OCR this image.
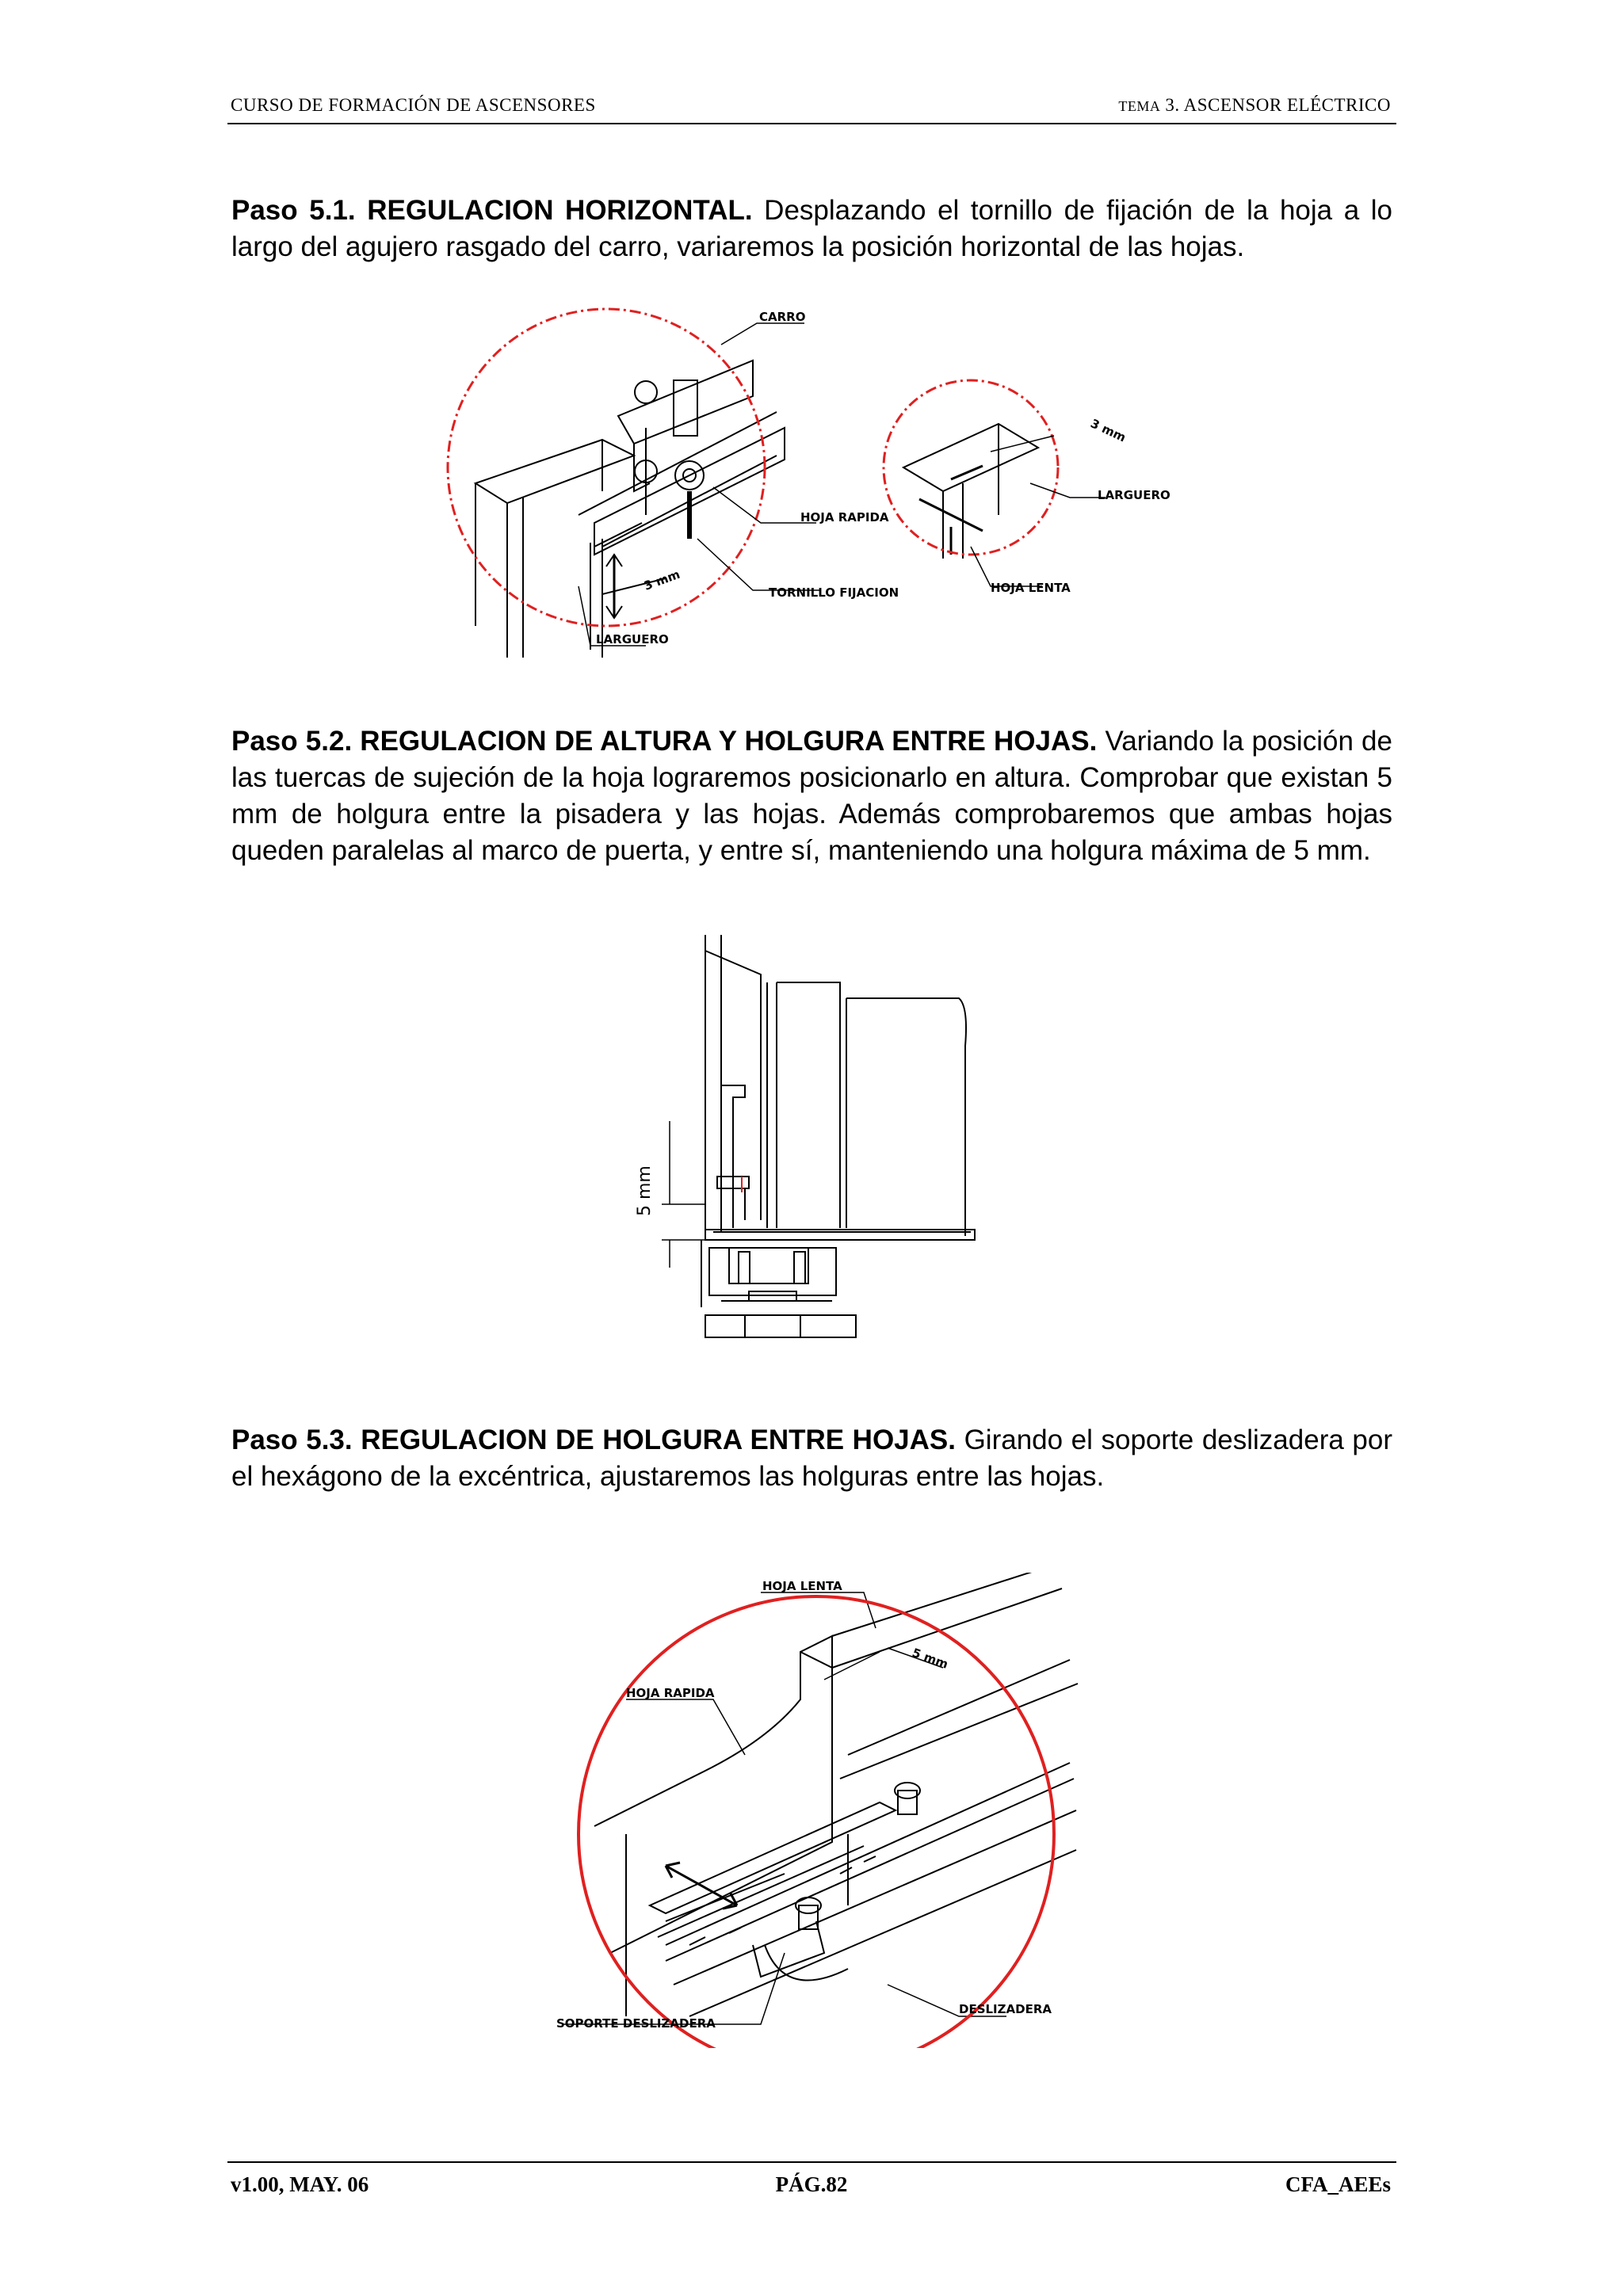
CURSO DE FORMACIÓN DE ASCENSORES	TEMA 3. ASCENSOR ELÉCTRICO
Paso 5.1. REGULACION HORIZONTAL. Desplazando el tornillo de fijación de la hoja a lo largo del agujero rasgado del carro, variaremos la posición horizontal de las hojas.
CARRO
HOJA RAPIDA
TORNILLO FIJACION
LARGUERO
LARGUERO
HOJA LENTA
3 mm
3 mm
Paso 5.2. REGULACION DE ALTURA Y HOLGURA ENTRE HOJAS. Variando la posición de las tuercas de sujeción de la hoja lograremos posicionarlo en altura. Comprobar que existan 5 mm de holgura entre la pisadera y las hojas. Además comprobaremos que ambas hojas queden paralelas al marco de puerta, y entre sí, manteniendo una holgura máxima de 5 mm.
5 mm
Paso 5.3. REGULACION DE HOLGURA ENTRE HOJAS. Girando el soporte deslizadera por el hexágono de la excéntrica, ajustaremos las holguras entre las hojas.
HOJA LENTA
HOJA RAPIDA
5 mm
SOPORTE DESLIZADERA
DESLIZADERA
v1.00, MAY. 06	PÁG.82	CFA_AEEs
